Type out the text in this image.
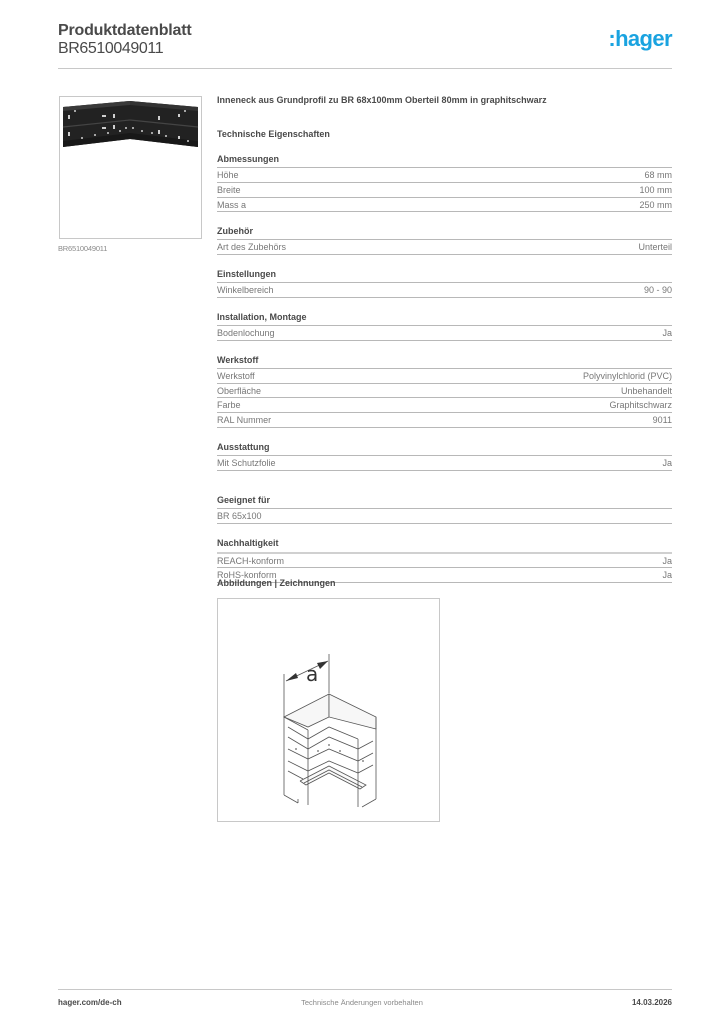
Produktdatenblatt
BR6510049011	:hager
BR6510049011
Inneneck aus Grundprofil zu BR 68x100mm Oberteil 80mm in graphitschwarz
Technische Eigenschaften
Abmessungen
Höhe	68 mm
Breite	100 mm
Mass a	250 mm
Zubehör
Art des Zubehörs	Unterteil
Einstellungen
Winkelbereich	90 - 90
Installation, Montage
Bodenlochung	Ja
Werkstoff
Werkstoff	Polyvinylchlorid (PVC)
Oberfläche	Unbehandelt
Farbe	Graphitschwarz
RAL Nummer	9011
Ausstattung
Mit Schutzfolie	Ja
Geeignet für
BR 65x100
Nachhaltigkeit
REACH-konform	Ja
RoHS-konform	Ja
Abbildungen | Zeichnungen
a
hager.com/de-ch	Technische Änderungen vorbehalten	14.03.2026
